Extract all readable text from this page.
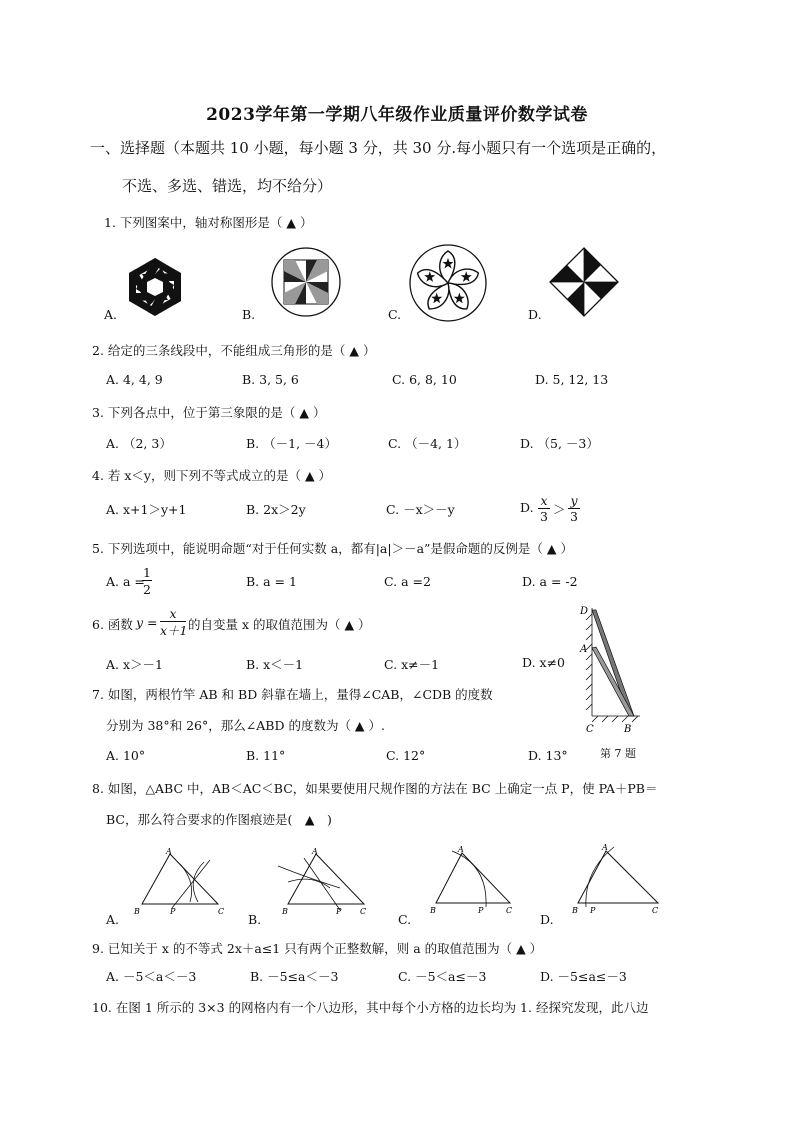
2023学年第一学期八年级作业质量评价数学试卷
一、选择题（本题共 10 小题，每小题 3 分，共 30 分.每小题只有一个选项是正确的，
不选、多选、错选，均不给分）
1. 下列图案中，轴对称图形是（ ▲ ）
A.	B.	C.	D.
2. 给定的三条线段中，不能组成三角形的是（ ▲ ）
A. 4, 4, 9	B. 3, 5, 6	C. 6, 8, 10	D. 5, 12, 13
3. 下列各点中，位于第三象限的是（ ▲ ）
A. （2, 3）	B. （－1, －4）	C. （－4, 1）	D. （5, －3）
4. 若 x＜y，则下列不等式成立的是（ ▲ ）
A. x+1＞y+1	B. 2x＞2y	C. －x＞－y	D. x
3 ＞
y
3
5. 下列选项中，能说明命题“对于任何实数 a，都有|a|＞－a”是假命题的反例是（ ▲ ）
A. a =
1
2
B. a = 1	C. a =2	D. a = -2
6. 函数 y =
x
x＋1 的自变量 x 的取值范围为（ ▲ ）
A. x＞－1	B. x＜－1	C. x≠－1	D. x≠0
D
A
C	B
7. 如图，两根竹竿 AB 和 BD 斜靠在墙上，量得∠CAB，∠CDB 的度数
分别为 38°和 26°，那么∠ABD 的度数为（ ▲ ）.
A. 10°	B. 11°	C. 12°	D. 13°	第 7 题
8. 如图，△ABC 中，AB＜AC＜BC，如果要使用尺规作图的方法在 BC 上确定一点 P，使 PA＋PB＝
BC，那么符合要求的作图痕迹是(　▲　)
B
A
P	C
A.
B
A
P C
B.
B
A
P	C
C.
B
A
P	C
D.
9. 已知关于 x 的不等式 2x＋a≤1 只有两个正整数解，则 a 的取值范围为（ ▲ ）
A. －5＜a＜－3	B. －5≤a＜－3	C. －5＜a≤－3	D. －5≤a≤－3
10. 在图 1 所示的 3×3 的网格内有一个八边形，其中每个小方格的边长均为 1. 经探究发现，此八边
